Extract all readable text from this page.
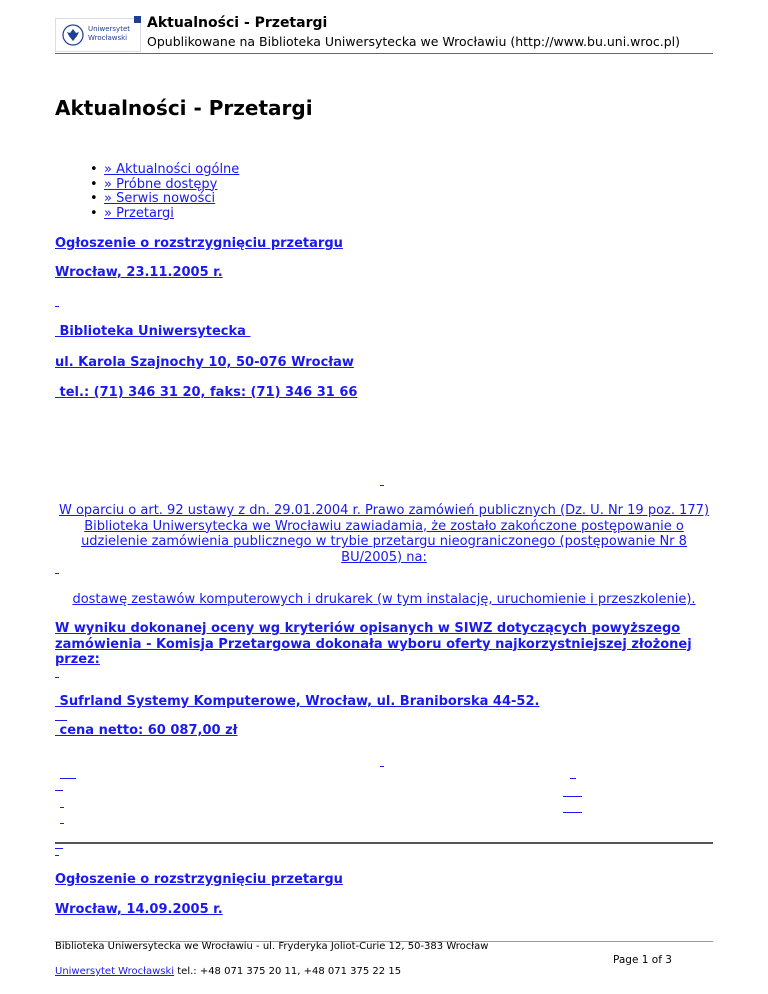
Uniwersytet
Wrocławski
Aktualności - Przetargi
Opublikowane na Biblioteka Uniwersytecka we Wrocławiu (http://www.bu.uni.wroc.pl)
Aktualności - Przetargi
• » Aktualności ogólne
• » Próbne dostępy
• » Serwis nowości
• » Przetargi
Ogłoszenie o rozstrzygnięciu przetargu
Wrocław, 23.11.2005 r.
Biblioteka Uniwersytecka
ul. Karola Szajnochy 10, 50-076 Wrocław
tel.: (71) 346 31 20, faks: (71) 346 31 66
W oparciu o art. 92 ustawy z dn. 29.01.2004 r. Prawo zamówień publicznych (Dz. U. Nr 19 poz. 177) Biblioteka Uniwersytecka we Wrocławiu zawiadamia, że zostało zakończone postępowanie o udzielenie zamówienia publicznego w trybie przetargu nieograniczonego (postępowanie Nr 8 BU/2005) na:
dostawę zestawów komputerowych i drukarek (w tym instalację, uruchomienie i przeszkolenie).
W wyniku dokonanej oceny wg kryteriów opisanych w SIWZ dotyczących powyższego zamówienia - Komisja Przetargowa dokonała wyboru oferty najkorzystniejszej złożonej przez:
Sufrland Systemy Komputerowe, Wrocław, ul. Braniborska 44-52.
cena netto: 60 087,00 zł
Ogłoszenie o rozstrzygnięciu przetargu
Wrocław, 14.09.2005 r.
Biblioteka Uniwersytecka we Wrocławiu - ul. Fryderyka Joliot-Curie 12, 50-383 Wrocław
Page 1 of 3
Uniwersytet Wrocławski tel.: +48 071 375 20 11, +48 071 375 22 15
